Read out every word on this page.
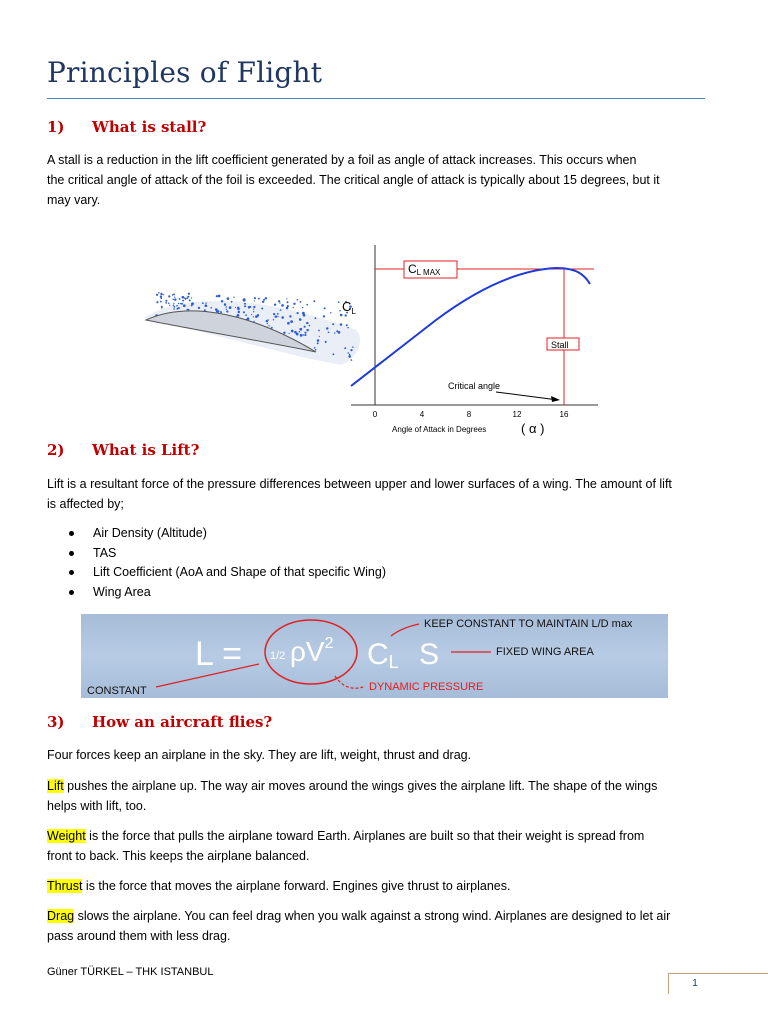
Principles of Flight
1) What is stall?
A stall is a reduction in the lift coefficient generated by a foil as angle of attack increases. This occurs when
the critical angle of attack of the foil is exceeded. The critical angle of attack is typically about 15 degrees, but it
may vary.
$C_L$
CL MAX
Stall
Critical angle
0	4	8	12	16
Angle of Attack in Degrees	( α )
2) What is Lift?
Lift is a resultant force of the pressure differences between upper and lower surfaces of a wing. The amount of lift
is affected by;
Air Density (Altitude)
TAS
Lift Coefficient (AoA and Shape of that specific Wing)
Wing Area
L =	1/2 $\rho V^2$ CL S
KEEP CONSTANT TO MAINTAIN L/D max
FIXED WING AREA
DYNAMIC PRESSURE
CONSTANT
3) How an aircraft flies?

Four forces keep an airplane in the sky. They are lift, weight, thrust and drag.

Lift pushes the airplane up. The way air moves around the wings gives the airplane lift. The shape of the wings
helps with lift, too.
Weight is the force that pulls the airplane toward Earth. Airplanes are built so that their weight is spread from
front to back. This keeps the airplane balanced.
Thrust is the force that moves the airplane forward. Engines give thrust to airplanes.
Drag slows the airplane. You can feel drag when you walk against a strong wind. Airplanes are designed to let air
pass around them with less drag.

Güner TÜRKEL – THK ISTANBUL

1
